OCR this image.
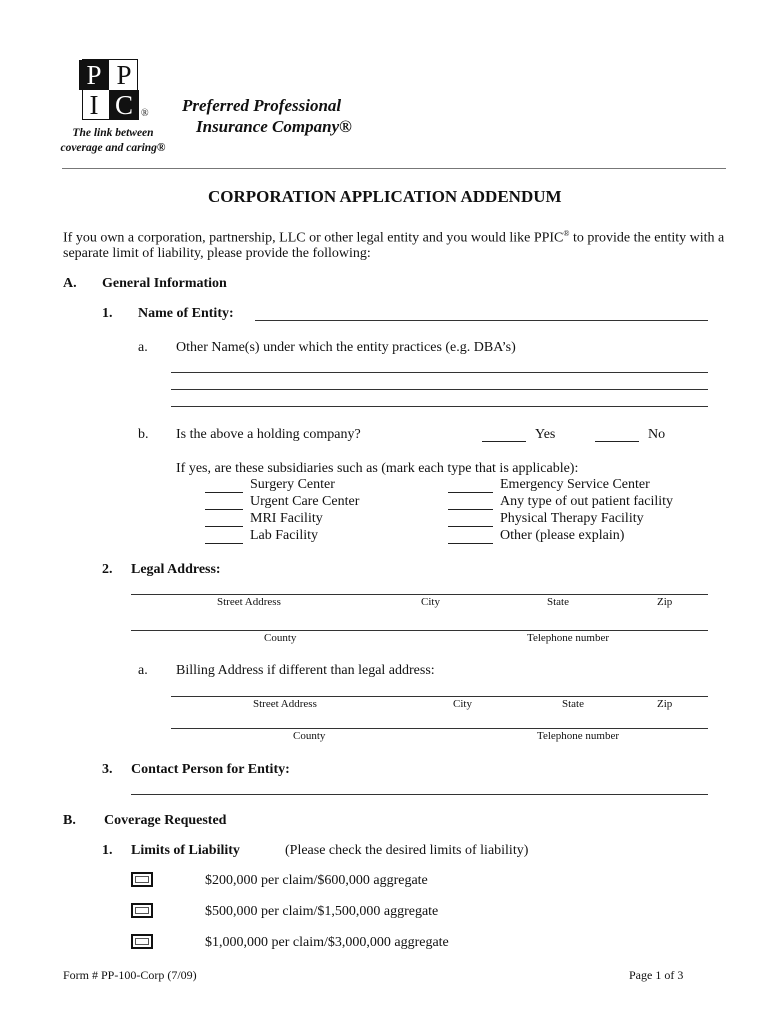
P P
I C ®
The link between
coverage and caring®
Preferred Professional
Insurance Company®
CORPORATION APPLICATION ADDENDUM
If you own a corporation, partnership, LLC or other legal entity and you would like PPIC® to provide the entity with a
separate limit of liability, please provide the following:
A. General Information
1. Name of Entity:
a. Other Name(s) under which the entity practices (e.g. DBA’s)
b. Is the above a holding company?	Yes	No
If yes, are these subsidiaries such as (mark each type that is applicable):
Surgery Center
Urgent Care Center
MRI Facility
Lab Facility
Emergency Service Center
Any type of out patient facility
Physical Therapy Facility
Other (please explain)
2. Legal Address:
Street Address	City	State	Zip
County	Telephone number
a. Billing Address if different than legal address:
Street Address	City	State	Zip
County	Telephone number
3. Contact Person for Entity:
B. Coverage Requested
1. Limits of Liability	(Please check the desired limits of liability)
$200,000 per claim/$600,000 aggregate
$500,000 per claim/$1,500,000 aggregate
$1,000,000 per claim/$3,000,000 aggregate
Form # PP-100-Corp (7/09)	Page 1 of 3
